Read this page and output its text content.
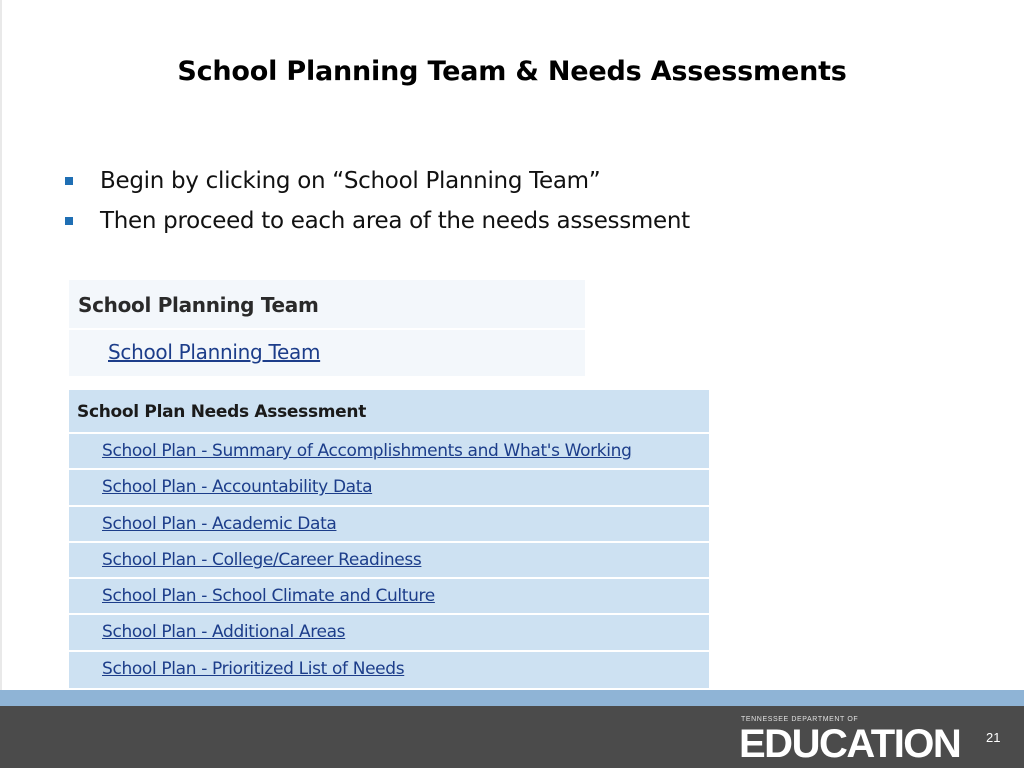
School Planning Team & Needs Assessments
Begin by clicking on “School Planning Team”
Then proceed to each area of the needs assessment
School Planning Team
School Planning Team
School Plan Needs Assessment
School Plan - Summary of Accomplishments and What's Working
School Plan - Accountability Data
School Plan - Academic Data
School Plan - College/Career Readiness
School Plan - School Climate and Culture
School Plan - Additional Areas
School Plan - Prioritized List of Needs
TENNESSEE DEPARTMENT OF
EDUCATION 21
